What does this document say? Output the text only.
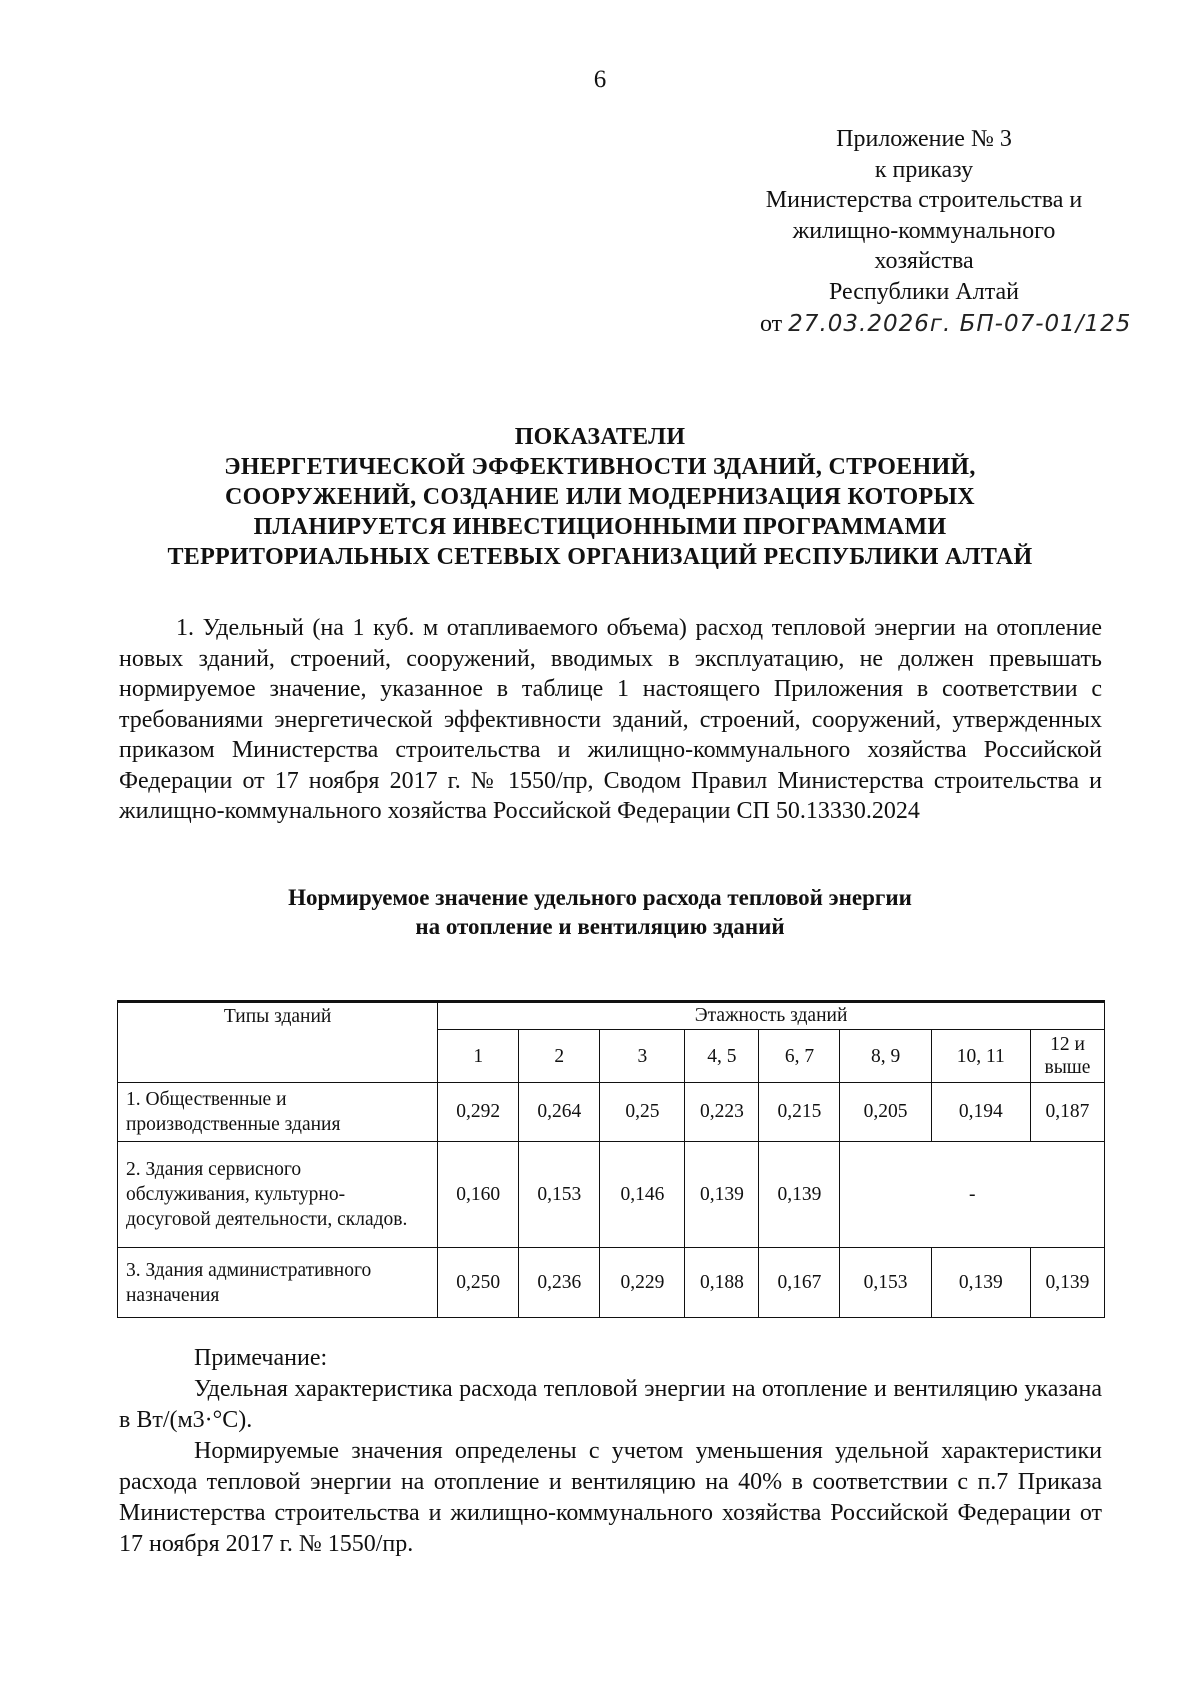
6
Приложение № 3
к приказу
Министерства строительства и
жилищно-коммунального
хозяйства
Республики Алтай
от 27.03.2026г. БП-07-01/125
ПОКАЗАТЕЛИ
ЭНЕРГЕТИЧЕСКОЙ ЭФФЕКТИВНОСТИ ЗДАНИЙ, СТРОЕНИЙ,
СООРУЖЕНИЙ, СОЗДАНИЕ ИЛИ МОДЕРНИЗАЦИЯ КОТОРЫХ
ПЛАНИРУЕТСЯ ИНВЕСТИЦИОННЫМИ ПРОГРАММАМИ
ТЕРРИТОРИАЛЬНЫХ СЕТЕВЫХ ОРГАНИЗАЦИЙ РЕСПУБЛИКИ АЛТАЙ
1. Удельный (на 1 куб. м отапливаемого объема) расход тепловой энергии на отопление новых зданий, строений, сооружений, вводимых в эксплуатацию, не должен превышать нормируемое значение, указанное в таблице 1 настоящего Приложения в соответствии с требованиями энергетической эффективности зданий, строений, сооружений, утвержденных приказом Министерства строительства и жилищно-коммунального хозяйства Российской Федерации от 17 ноября 2017 г. № 1550/пр, Сводом Правил Министерства строительства и жилищно-коммунального хозяйства Российской Федерации СП 50.13330.2024
Нормируемое значение удельного расхода тепловой энергии
на отопление и вентиляцию зданий
Типы зданий	Этажность зданий							
	1	2	3	4, 5	6, 7	8, 9	10, 11	12 и выше
1. Общественные и производственные здания	0,292	0,264	0,25	0,223	0,215	0,205	0,194	0,187
2. Здания сервисного обслуживания, культурно-досуговой деятельности, складов.	0,160	0,153	0,146	0,139	0,139	-		
3. Здания административного назначения	0,250	0,236	0,229	0,188	0,167	0,153	0,139	0,139
Примечание:

Удельная характеристика расхода тепловой энергии на отопление и вентиляцию указана в Вт/(м3·°С).

Нормируемые значения определены с учетом уменьшения удельной характеристики расхода тепловой энергии на отопление и вентиляцию на 40% в соответствии с п.7 Приказа Министерства строительства и жилищно-коммунального хозяйства Российской Федерации от 17 ноября 2017 г. № 1550/пр.
